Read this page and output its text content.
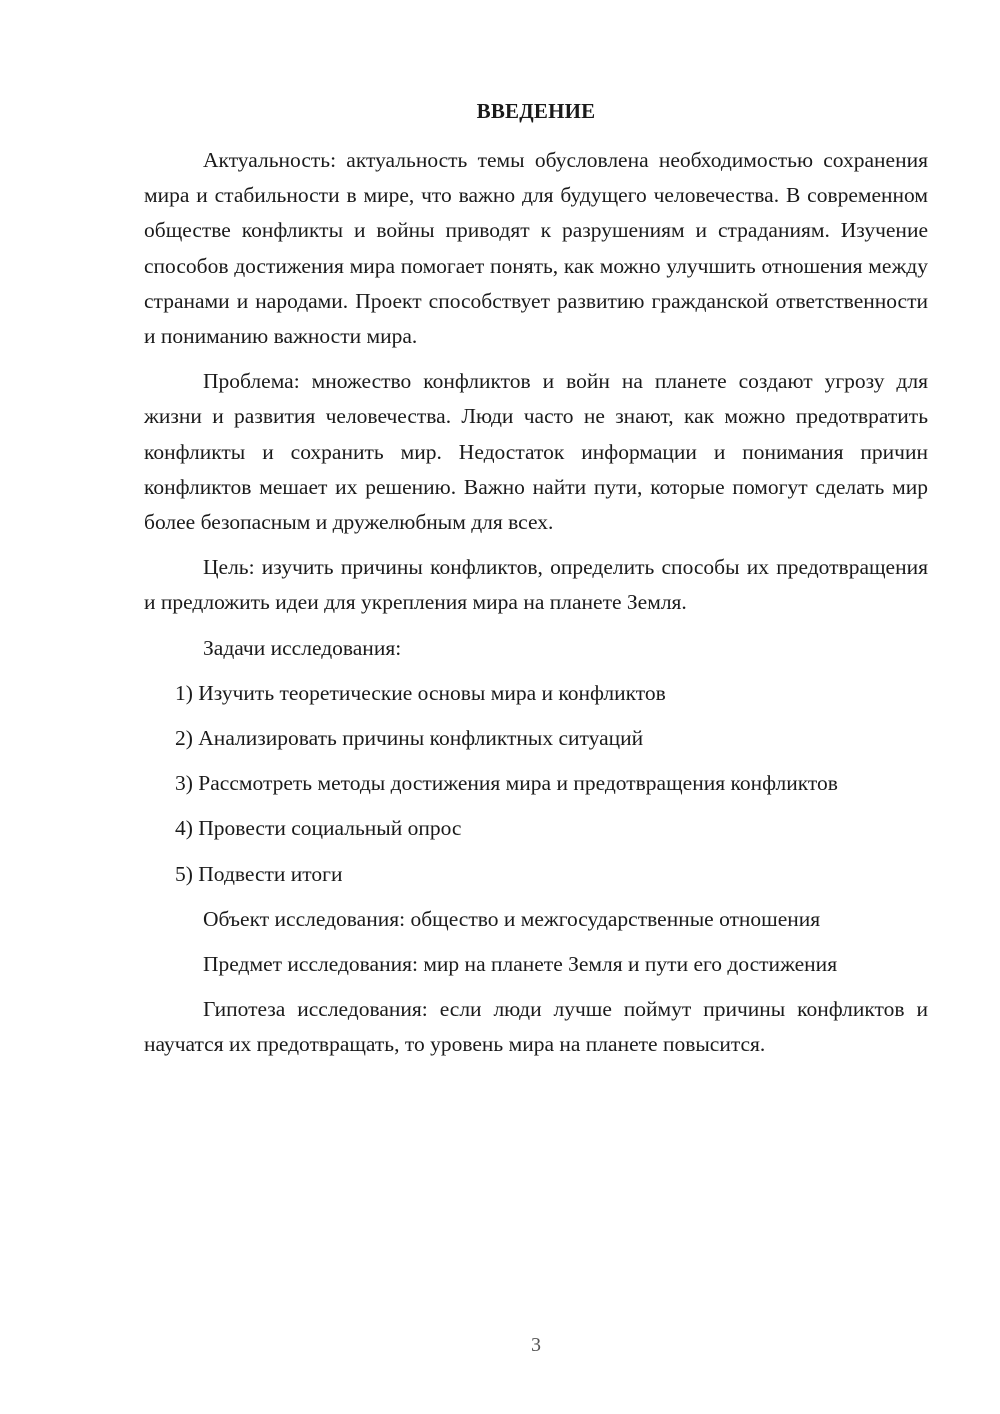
ВВЕДЕНИЕ

Актуальность: актуальность темы обусловлена необходимостью сохранения мира и стабильности в мире, что важно для будущего человечества. В современном обществе конфликты и войны приводят к разрушениям и страданиям. Изучение способов достижения мира помогает понять, как можно улучшить отношения между странами и народами. Проект способствует развитию гражданской ответственности и пониманию важности мира.

Проблема: множество конфликтов и войн на планете создают угрозу для жизни и развития человечества. Люди часто не знают, как можно предотвратить конфликты и сохранить мир. Недостаток информации и понимания причин конфликтов мешает их решению. Важно найти пути, которые помогут сделать мир более безопасным и дружелюбным для всех.

Цель: изучить причины конфликтов, определить способы их предотвращения и предложить идеи для укрепления мира на планете Земля.

Задачи исследования:

1) Изучить теоретические основы мира и конфликтов

2) Анализировать причины конфликтных ситуаций

3) Рассмотреть методы достижения мира и предотвращения конфликтов

4) Провести социальный опрос

5) Подвести итоги

Объект исследования: общество и межгосударственные отношения

Предмет исследования: мир на планете Земля и пути его достижения

Гипотеза исследования: если люди лучше поймут причины конфликтов и научатся их предотвращать, то уровень мира на планете повысится.

3
